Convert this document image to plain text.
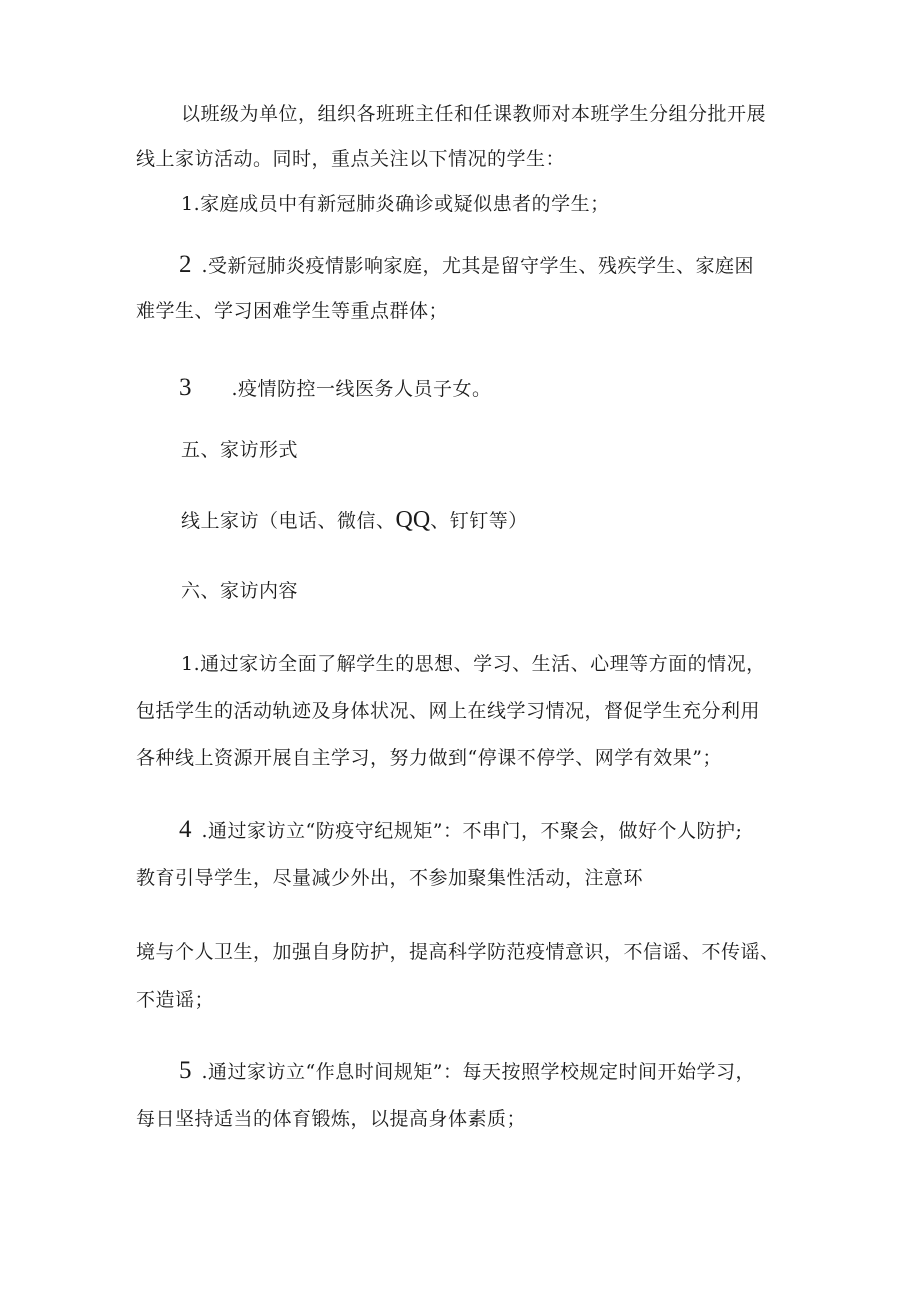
以班级为单位，组织各班班主任和任课教师对本班学生分组分批开展
线上家访活动。同时，重点关注以下情况的学生：
1.家庭成员中有新冠肺炎确诊或疑似患者的学生；
2 .受新冠肺炎疫情影响家庭，尤其是留守学生、残疾学生、家庭困
难学生、学习困难学生等重点群体；
3 .疫情防控一线医务人员子女。
五、家访形式
线上家访（电话、微信、QQ、钉钉等）
六、家访内容
1.通过家访全面了解学生的思想、学习、生活、心理等方面的情况，
包括学生的活动轨迹及身体状况、网上在线学习情况，督促学生充分利用
各种线上资源开展自主学习，努力做到“停课不停学、网学有效果”；
4 .通过家访立“防疫守纪规矩”：不串门，不聚会，做好个人防护;
教育引导学生，尽量减少外出，不参加聚集性活动，注意环
境与个人卫生，加强自身防护，提高科学防范疫情意识，不信谣、不传谣、
不造谣；
5 .通过家访立“作息时间规矩”：每天按照学校规定时间开始学习，
每日坚持适当的体育锻炼，以提高身体素质；
